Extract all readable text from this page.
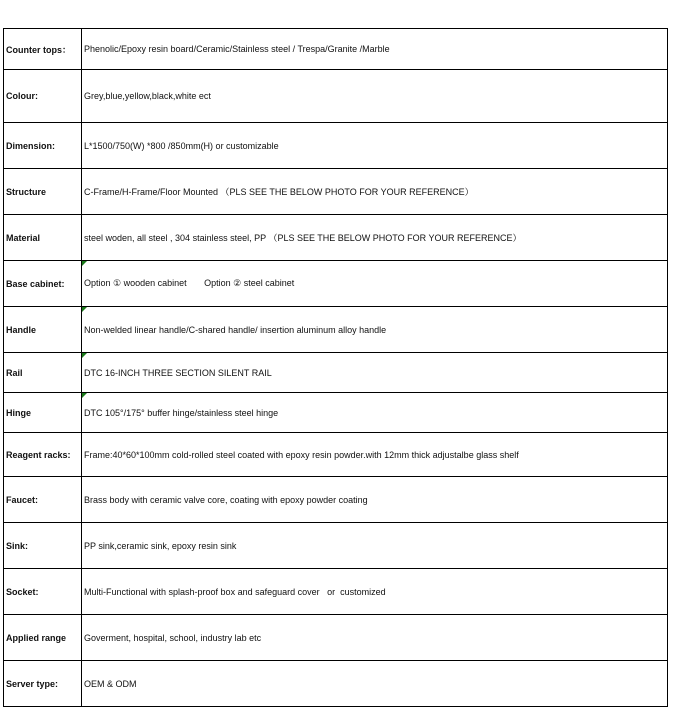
Counter tops：	Phenolic/Epoxy resin board/Ceramic/Stainless steel / Trespa/Granite /Marble
Colour:	Grey,blue,yellow,black,white ect
Dimension:	L*1500/750(W) *800 /850mm(H) or customizable
Structure	C-Frame/H-Frame/Floor Mounted （PLS SEE THE BELOW PHOTO FOR YOUR REFERENCE）
Material	steel woden, all steel , 304 stainless steel, PP （PLS SEE THE BELOW PHOTO FOR YOUR REFERENCE）
Base cabinet:	Option ① wooden cabinet       Option ② steel cabinet
Handle	Non-welded linear handle/C-shared handle/ insertion aluminum alloy handle
Rail	DTC 16-INCH THREE SECTION SILENT RAIL
Hinge	DTC 105°/175° buffer hinge/stainless steel hinge
Reagent racks:	Frame:40*60*100mm cold-rolled steel coated with epoxy resin powder.with 12mm thick adjustalbe glass shelf
Faucet:	Brass body with ceramic valve core, coating with epoxy powder coating
Sink:	PP sink,ceramic sink, epoxy resin sink
Socket:	Multi-Functional with splash-proof box and safeguard cover   or  customized
Applied range	Goverment, hospital, school, industry lab etc
Server type:	OEM & ODM
